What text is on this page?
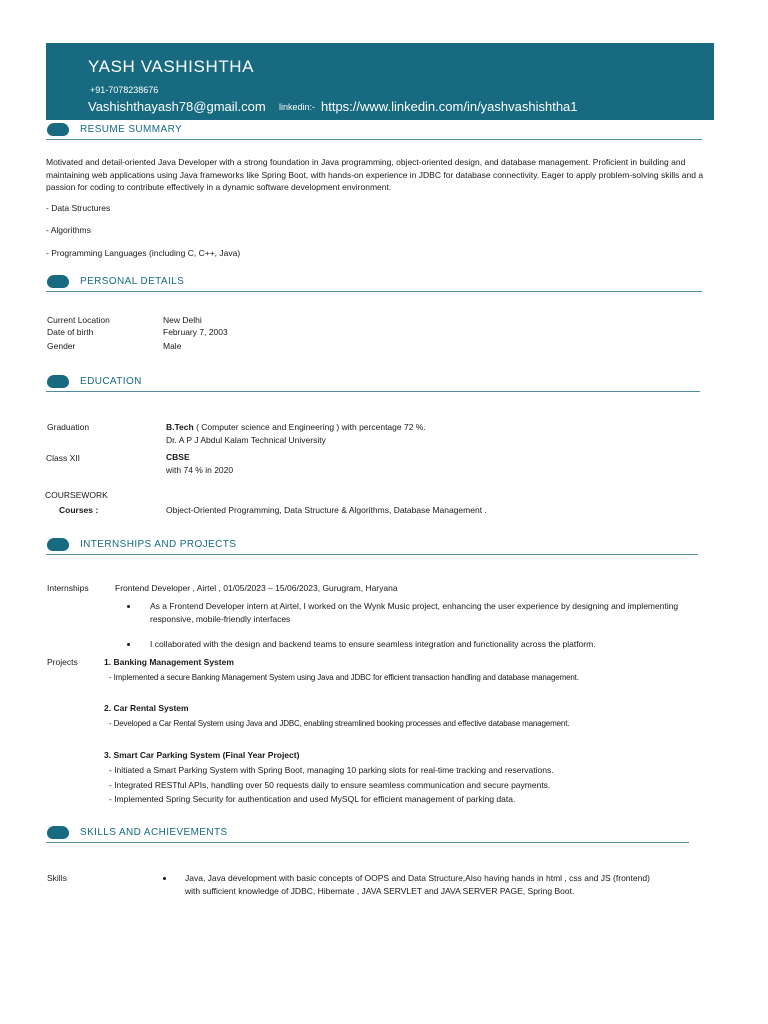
YASH VASHISHTHA
+91-7078238676
Vashishthayash78@gmail.com linkedin:- https://www.linkedin.com/in/yashvashishtha1
RESUME SUMMARY
Motivated and detail-oriented Java Developer with a strong foundation in Java programming, object-oriented design, and database management. Proficient in building and maintaining web applications using Java frameworks like Spring Boot, with hands-on experience in JDBC for database connectivity. Eager to apply problem-solving skills and a passion for coding to contribute effectively in a dynamic software development environment.
- Data Structures
- Algorithms
- Programming Languages (including C, C++, Java)
PERSONAL DETAILS
Current Location	New Delhi
Date of birth	February 7, 2003
Gender	Male
EDUCATION
Graduation	B.Tech ( Computer science and Engineering ) with percentage 72 %.
Dr. A P J Abdul Kalam Technical University
Class XII	CBSE
with 74 % in 2020
COURSEWORK
Courses :	Object-Oriented Programming, Data Structure & Algorithms, Database Management .
INTERNSHIPS AND PROJECTS
Internships	Frontend Developer , Airtel , 01/05/2023 – 15/06/2023, Gurugram, Haryana
As a Frontend Developer intern at Airtel, I worked on the Wynk Music project, enhancing the user experience by designing and implementing responsive, mobile-friendly interfaces
I collaborated with the design and backend teams to ensure seamless integration and functionality across the platform.
Projects	1. Banking Management System
- Implemented a secure Banking Management System using Java and JDBC for efficient transaction handling and database management.
2. Car Rental System
- Developed a Car Rental System using Java and JDBC, enabling streamlined booking processes and effective database management.
3. Smart Car Parking System (Final Year Project)
- Initiated a Smart Parking System with Spring Boot, managing 10 parking slots for real-time tracking and reservations.
- Integrated RESTful APIs, handling over 50 requests daily to ensure seamless communication and secure payments.
- Implemented Spring Security for authentication and used MySQL for efficient management of parking data.
SKILLS AND ACHIEVEMENTS
Skills	Java, Java development with basic concepts of OOPS and Data Structure,Also having hands in html , css and JS (frontend) with sufficient knowledge of JDBC, Hibernate , JAVA SERVLET and JAVA SERVER PAGE, Spring Boot.
